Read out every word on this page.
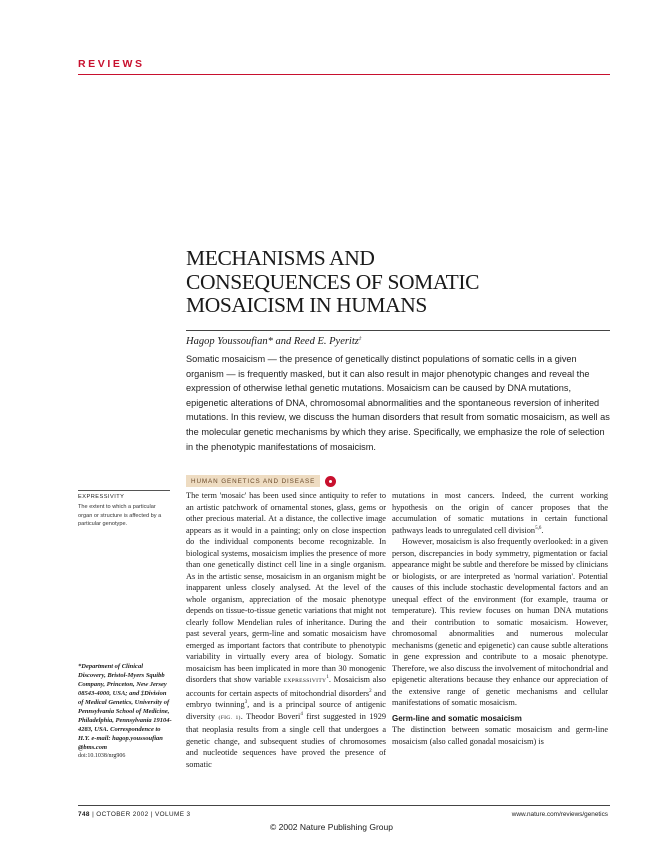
REVIEWS
MECHANISMS AND
CONSEQUENCES OF SOMATIC
MOSAICISM IN HUMANS
Hagop Youssoufian* and Reed E. Pyeritz‡

Somatic mosaicism — the presence of genetically distinct populations of somatic cells in a given organism — is frequently masked, but it can also result in major phenotypic changes and reveal the expression of otherwise lethal genetic mutations. Mosaicism can be caused by DNA mutations, epigenetic alterations of DNA, chromosomal abnormalities and the spontaneous reversion of inherited mutations. In this review, we discuss the human disorders that result from somatic mosaicism, as well as the molecular genetic mechanisms by which they arise. Specifically, we emphasize the role of selection in the phenotypic manifestations of mosaicism.

HUMAN GENETICS AND DISEASE
EXPRESSIVITY
The extent to which a particular organ or structure is affected by a particular genotype.
*Department of Clinical Discovery, Bristol-Myers Squibb Company, Princeton, New Jersey 08543-4000, USA; and ‡Division of Medical Genetics, University of Pennsylvania School of Medicine, Philadelphia, Pennsylvania 19104-4283, USA. Correspondence to H.Y. e-mail: hagop.youssoufian @bms.com
doi:10.1038/nrg906

The term 'mosaic' has been used since antiquity to refer to an artistic patchwork of ornamental stones, glass, gems or other precious material. At a distance, the collective image appears as it would in a painting; only on close inspection do the individual components become recognizable. In biological systems, mosaicism implies the presence of more than one genetically distinct cell line in a single organism. As in the artistic sense, mosaicism in an organism might be inapparent unless closely analysed. At the level of the whole organism, appreciation of the mosaic phenotype depends on tissue-to-tissue genetic variations that might not clearly follow Mendelian rules of inheritance. During the past several years, germ-line and somatic mosaicism have emerged as important factors that contribute to phenotypic variability in virtually every area of biology. Somatic mosaicism has been implicated in more than 30 monogenic disorders that show variable EXPRESSIVITY$^1$. Mosaicism also accounts for certain aspects of mitochondrial disorders$^2$ and embryo twinning$^3$, and is a principal source of antigenic diversity (FIG. 1). Theodor Boveri$^4$ first suggested in 1929 that neoplasia results from a single cell that undergoes a genetic change, and subsequent studies of chromosomes and nucleotide sequences have proved the presence of somatic

mutations in most cancers. Indeed, the current working hypothesis on the origin of cancer proposes that the accumulation of somatic mutations in certain functional pathways leads to unregulated cell division$^{5,6}$.

However, mosaicism is also frequently overlooked: in a given person, discrepancies in body symmetry, pigmentation or facial appearance might be subtle and therefore be missed by clinicians or biologists, or are interpreted as 'normal variation'. Potential causes of this include stochastic developmental factors and an unequal effect of the environment (for example, trauma or temperature). This review focuses on human DNA mutations and their contribution to somatic mosaicism. However, chromosomal abnormalities and numerous molecular mechanisms (genetic and epigenetic) can cause subtle alterations in gene expression and contribute to a mosaic phenotype. Therefore, we also discuss the involvement of mitochondrial and epigenetic alterations because they enhance our appreciation of the extensive range of genetic mechanisms and cellular manifestations of somatic mosaicism.

Germ-line and somatic mosaicism

The distinction between somatic mosaicism and germ-line mosaicism (also called gonadal mosaicism) is

748 | OCTOBER 2002 | VOLUME 3	www.nature.com/reviews/genetics
© 2002 Nature Publishing Group
